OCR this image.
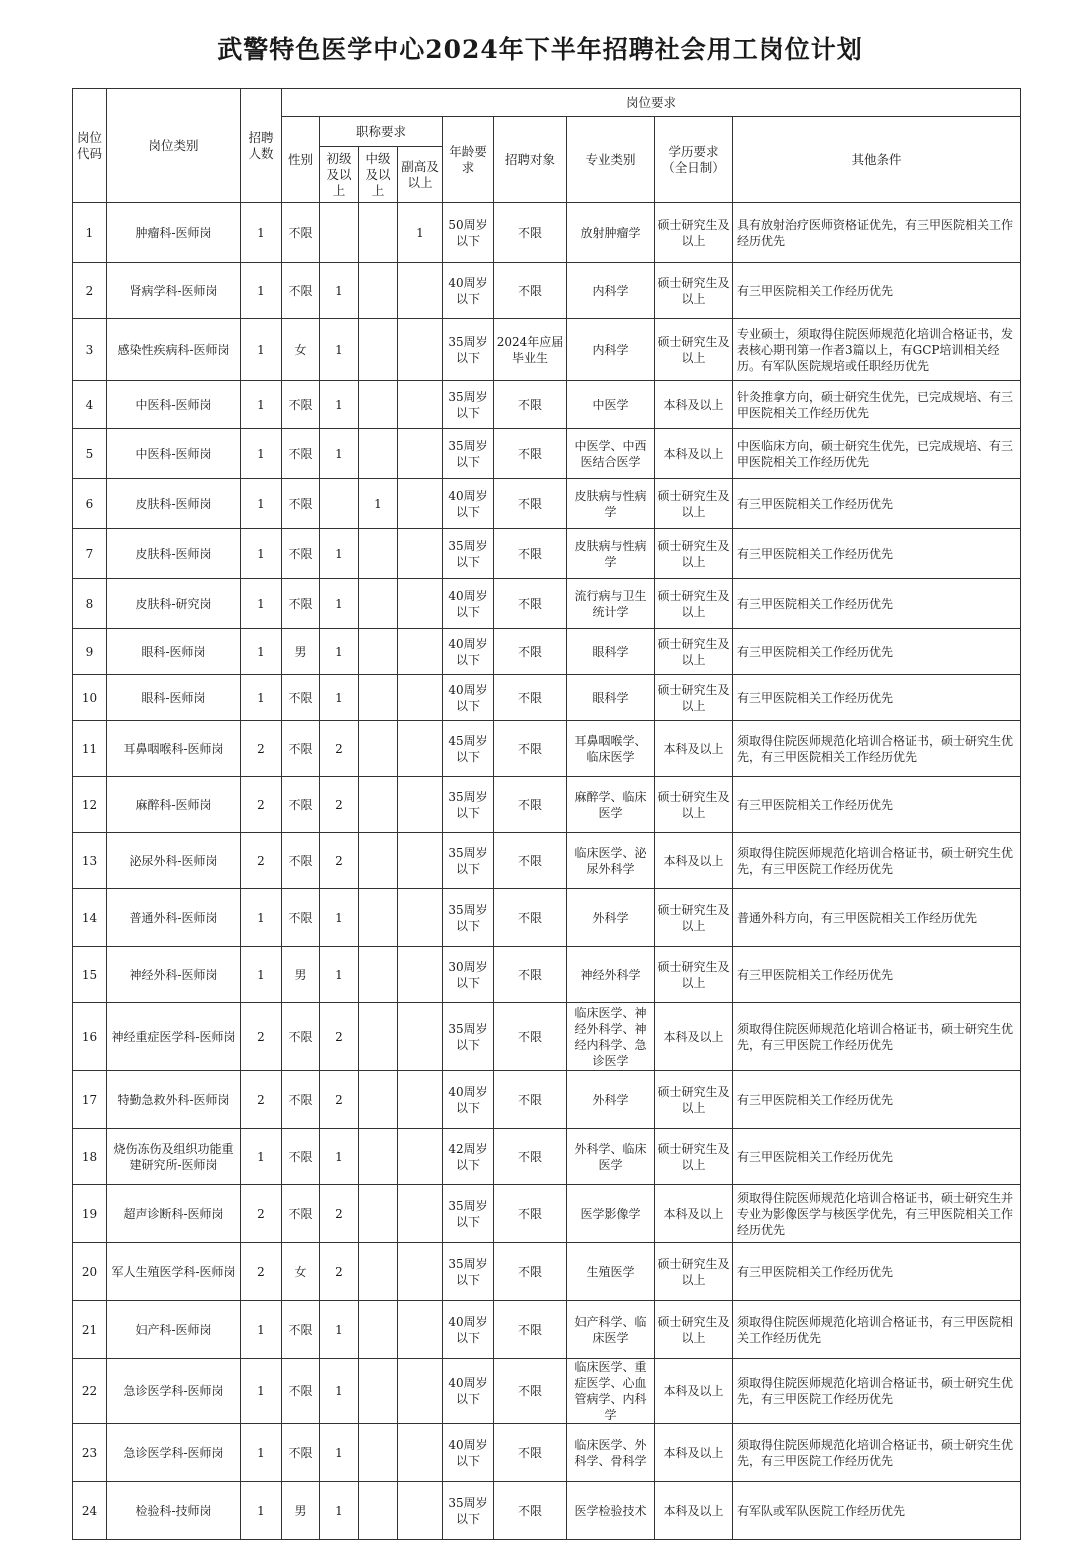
武警特色医学中心2024年下半年招聘社会用工岗位计划
岗位代码	岗位类别	招聘人数	岗位要求								
			性别	职称要求			年龄要求	招聘对象	专业类别	学历要求（全日制）	其他条件
				初级及以上	中级及以上	副高及以上					
1	肿瘤科-医师岗	1	不限			1	50周岁以下	不限	放射肿瘤学	硕士研究生及以上	具有放射治疗医师资格证优先，有三甲医院相关工作经历优先
2	肾病学科-医师岗	1	不限	1			40周岁以下	不限	内科学	硕士研究生及以上	有三甲医院相关工作经历优先
3	感染性疾病科-医师岗	1	女	1			35周岁以下	2024年应届毕业生	内科学	硕士研究生及以上	专业硕士，须取得住院医师规范化培训合格证书，发表核心期刊第一作者3篇以上，有GCP培训相关经历。有军队医院规培或任职经历优先
4	中医科-医师岗	1	不限	1			35周岁以下	不限	中医学	本科及以上	针灸推拿方向，硕士研究生优先，已完成规培、有三甲医院相关工作经历优先
5	中医科-医师岗	1	不限	1			35周岁以下	不限	中医学、中西医结合医学	本科及以上	中医临床方向，硕士研究生优先，已完成规培、有三甲医院相关工作经历优先
6	皮肤科-医师岗	1	不限		1		40周岁以下	不限	皮肤病与性病学	硕士研究生及以上	有三甲医院相关工作经历优先
7	皮肤科-医师岗	1	不限	1			35周岁以下	不限	皮肤病与性病学	硕士研究生及以上	有三甲医院相关工作经历优先
8	皮肤科-研究岗	1	不限	1			40周岁以下	不限	流行病与卫生统计学	硕士研究生及以上	有三甲医院相关工作经历优先
9	眼科-医师岗	1	男	1			40周岁以下	不限	眼科学	硕士研究生及以上	有三甲医院相关工作经历优先
10	眼科-医师岗	1	不限	1			40周岁以下	不限	眼科学	硕士研究生及以上	有三甲医院相关工作经历优先
11	耳鼻咽喉科-医师岗	2	不限	2			45周岁以下	不限	耳鼻咽喉学、临床医学	本科及以上	须取得住院医师规范化培训合格证书，硕士研究生优先，有三甲医院相关工作经历优先
12	麻醉科-医师岗	2	不限	2			35周岁以下	不限	麻醉学、临床医学	硕士研究生及以上	有三甲医院相关工作经历优先
13	泌尿外科-医师岗	2	不限	2			35周岁以下	不限	临床医学、泌尿外科学	本科及以上	须取得住院医师规范化培训合格证书，硕士研究生优先，有三甲医院工作经历优先
14	普通外科-医师岗	1	不限	1			35周岁以下	不限	外科学	硕士研究生及以上	普通外科方向，有三甲医院相关工作经历优先
15	神经外科-医师岗	1	男	1			30周岁以下	不限	神经外科学	硕士研究生及以上	有三甲医院相关工作经历优先
16	神经重症医学科-医师岗	2	不限	2			35周岁以下	不限	临床医学、神经外科学、神经内科学、急诊医学	本科及以上	须取得住院医师规范化培训合格证书，硕士研究生优先，有三甲医院工作经历优先
17	特勤急救外科-医师岗	2	不限	2			40周岁以下	不限	外科学	硕士研究生及以上	有三甲医院相关工作经历优先
18	烧伤冻伤及组织功能重建研究所-医师岗	1	不限	1			42周岁以下	不限	外科学、临床医学	硕士研究生及以上	有三甲医院相关工作经历优先
19	超声诊断科-医师岗	2	不限	2			35周岁以下	不限	医学影像学	本科及以上	须取得住院医师规范化培训合格证书，硕士研究生并专业为影像医学与核医学优先，有三甲医院相关工作经历优先
20	军人生殖医学科-医师岗	2	女	2			35周岁以下	不限	生殖医学	硕士研究生及以上	有三甲医院相关工作经历优先
21	妇产科-医师岗	1	不限	1			40周岁以下	不限	妇产科学、临床医学	硕士研究生及以上	须取得住院医师规范化培训合格证书，有三甲医院相关工作经历优先
22	急诊医学科-医师岗	1	不限	1			40周岁以下	不限	临床医学、重症医学、心血管病学、内科学	本科及以上	须取得住院医师规范化培训合格证书，硕士研究生优先，有三甲医院工作经历优先
23	急诊医学科-医师岗	1	不限	1			40周岁以下	不限	临床医学、外科学、骨科学	本科及以上	须取得住院医师规范化培训合格证书，硕士研究生优先，有三甲医院工作经历优先
24	检验科-技师岗	1	男	1			35周岁以下	不限	医学检验技术	本科及以上	有军队或军队医院工作经历优先
